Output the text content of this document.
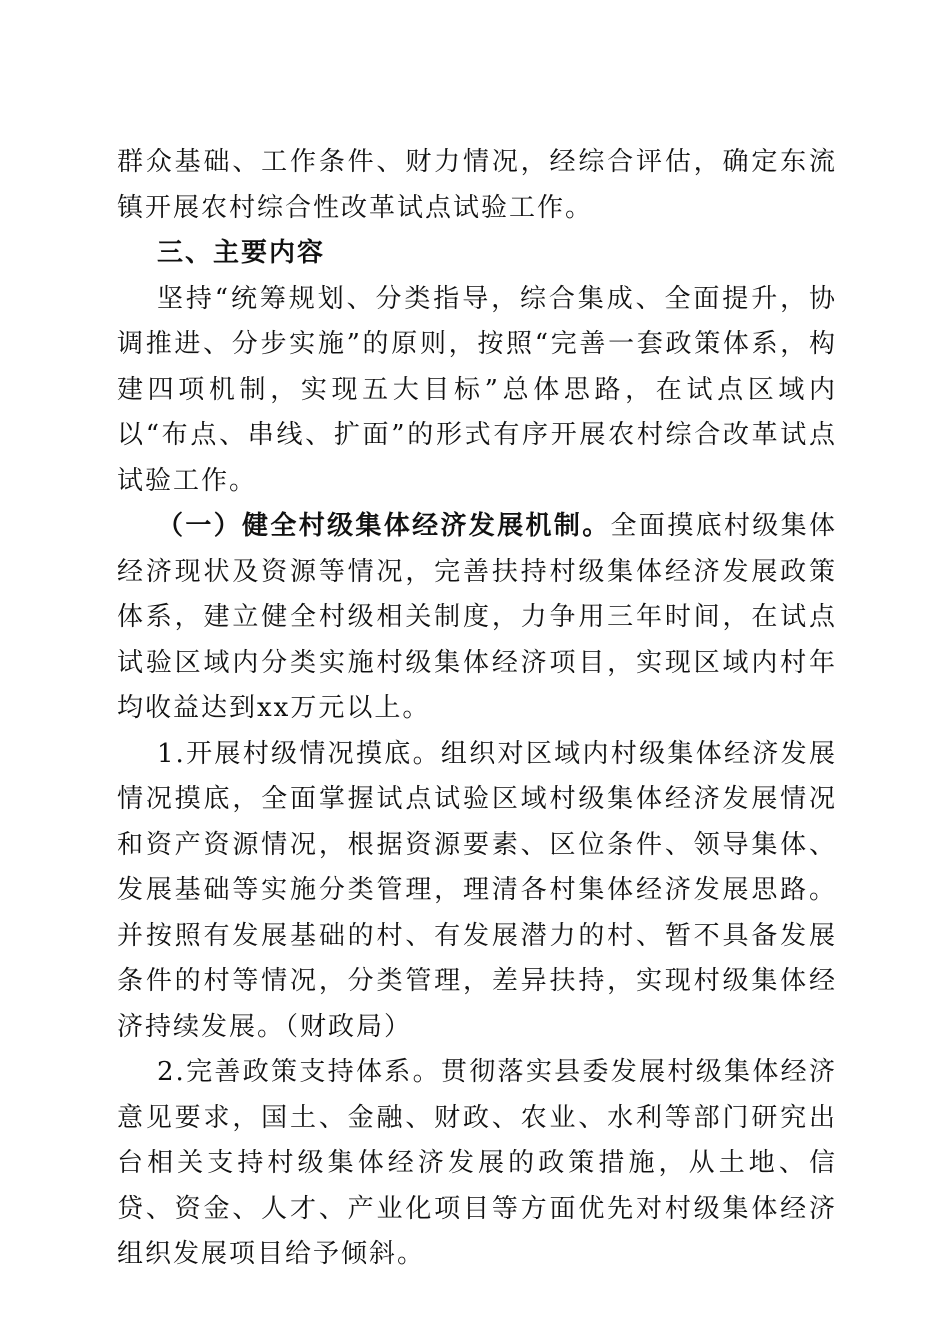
群众基础、工作条件、财力情况，经综合评估，确定东流镇开展农村综合性改革试点试验工作。

三、主要内容

坚持“统筹规划、分类指导，综合集成、全面提升，协调推进、分步实施”的原则，按照“完善一套政策体系，构建四项机制，实现五大目标”总体思路，在试点区域内以“布点、串线、扩面”的形式有序开展农村综合改革试点试验工作。

（一）健全村级集体经济发展机制。全面摸底村级集体经济现状及资源等情况，完善扶持村级集体经济发展政策体系，建立健全村级相关制度，力争用三年时间，在试点试验区域内分类实施村级集体经济项目，实现区域内村年均收益达到xx万元以上。

1.开展村级情况摸底。组织对区域内村级集体经济发展情况摸底，全面掌握试点试验区域村级集体经济发展情况和资产资源情况，根据资源要素、区位条件、领导集体、发展基础等实施分类管理，理清各村集体经济发展思路。并按照有发展基础的村、有发展潜力的村、暂不具备发展条件的村等情况，分类管理，差异扶持，实现村级集体经济持续发展。（财政局）

2.完善政策支持体系。贯彻落实县委发展村级集体经济意见要求，国土、金融、财政、农业、水利等部门研究出台相关支持村级集体经济发展的政策措施，从土地、信贷、资金、人才、产业化项目等方面优先对村级集体经济组织发展项目给予倾斜。
